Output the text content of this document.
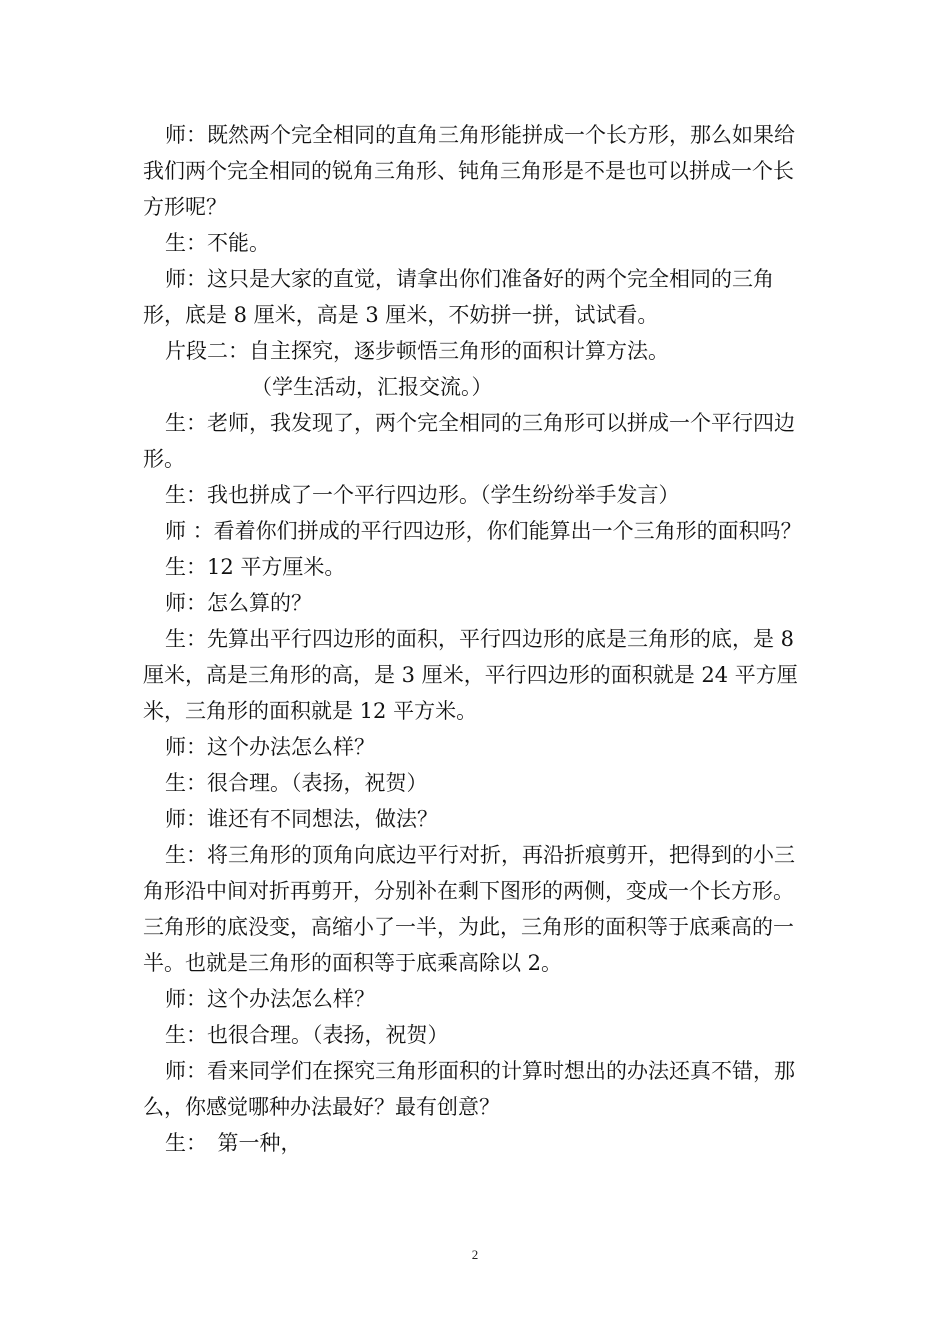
师：既然两个完全相同的直角三角形能拼成一个长方形，那么如果给我们两个完全相同的锐角三角形、钝角三角形是不是也可以拼成一个长方形呢？

生：不能。

师：这只是大家的直觉，请拿出你们准备好的两个完全相同的三角形，底是 8 厘米，高是 3 厘米，不妨拼一拼，试试看。

片段二：自主探究，逐步顿悟三角形的面积计算方法。

（学生活动，汇报交流。）

生：老师，我发现了，两个完全相同的三角形可以拼成一个平行四边形。

生：我也拼成了一个平行四边形。（学生纷纷举手发言）

师 ：看着你们拼成的平行四边形，你们能算出一个三角形的面积吗？

生：12 平方厘米。

师：怎么算的？

生：先算出平行四边形的面积，平行四边形的底是三角形的底，是 8 厘米，高是三角形的高，是 3 厘米，平行四边形的面积就是 24 平方厘米，三角形的面积就是 12 平方米。

师：这个办法怎么样？

生：很合理。（表扬，祝贺）

师：谁还有不同想法，做法？

生：将三角形的顶角向底边平行对折，再沿折痕剪开，把得到的小三角形沿中间对折再剪开，分别补在剩下图形的两侧，变成一个长方形。三角形的底没变，高缩小了一半，为此，三角形的面积等于底乘高的一半。也就是三角形的面积等于底乘高除以 2。

师：这个办法怎么样？

生：也很合理。（表扬，祝贺）

师：看来同学们在探究三角形面积的计算时想出的办法还真不错，那么，你感觉哪种办法最好？最有创意？

生：　第一种，

2
